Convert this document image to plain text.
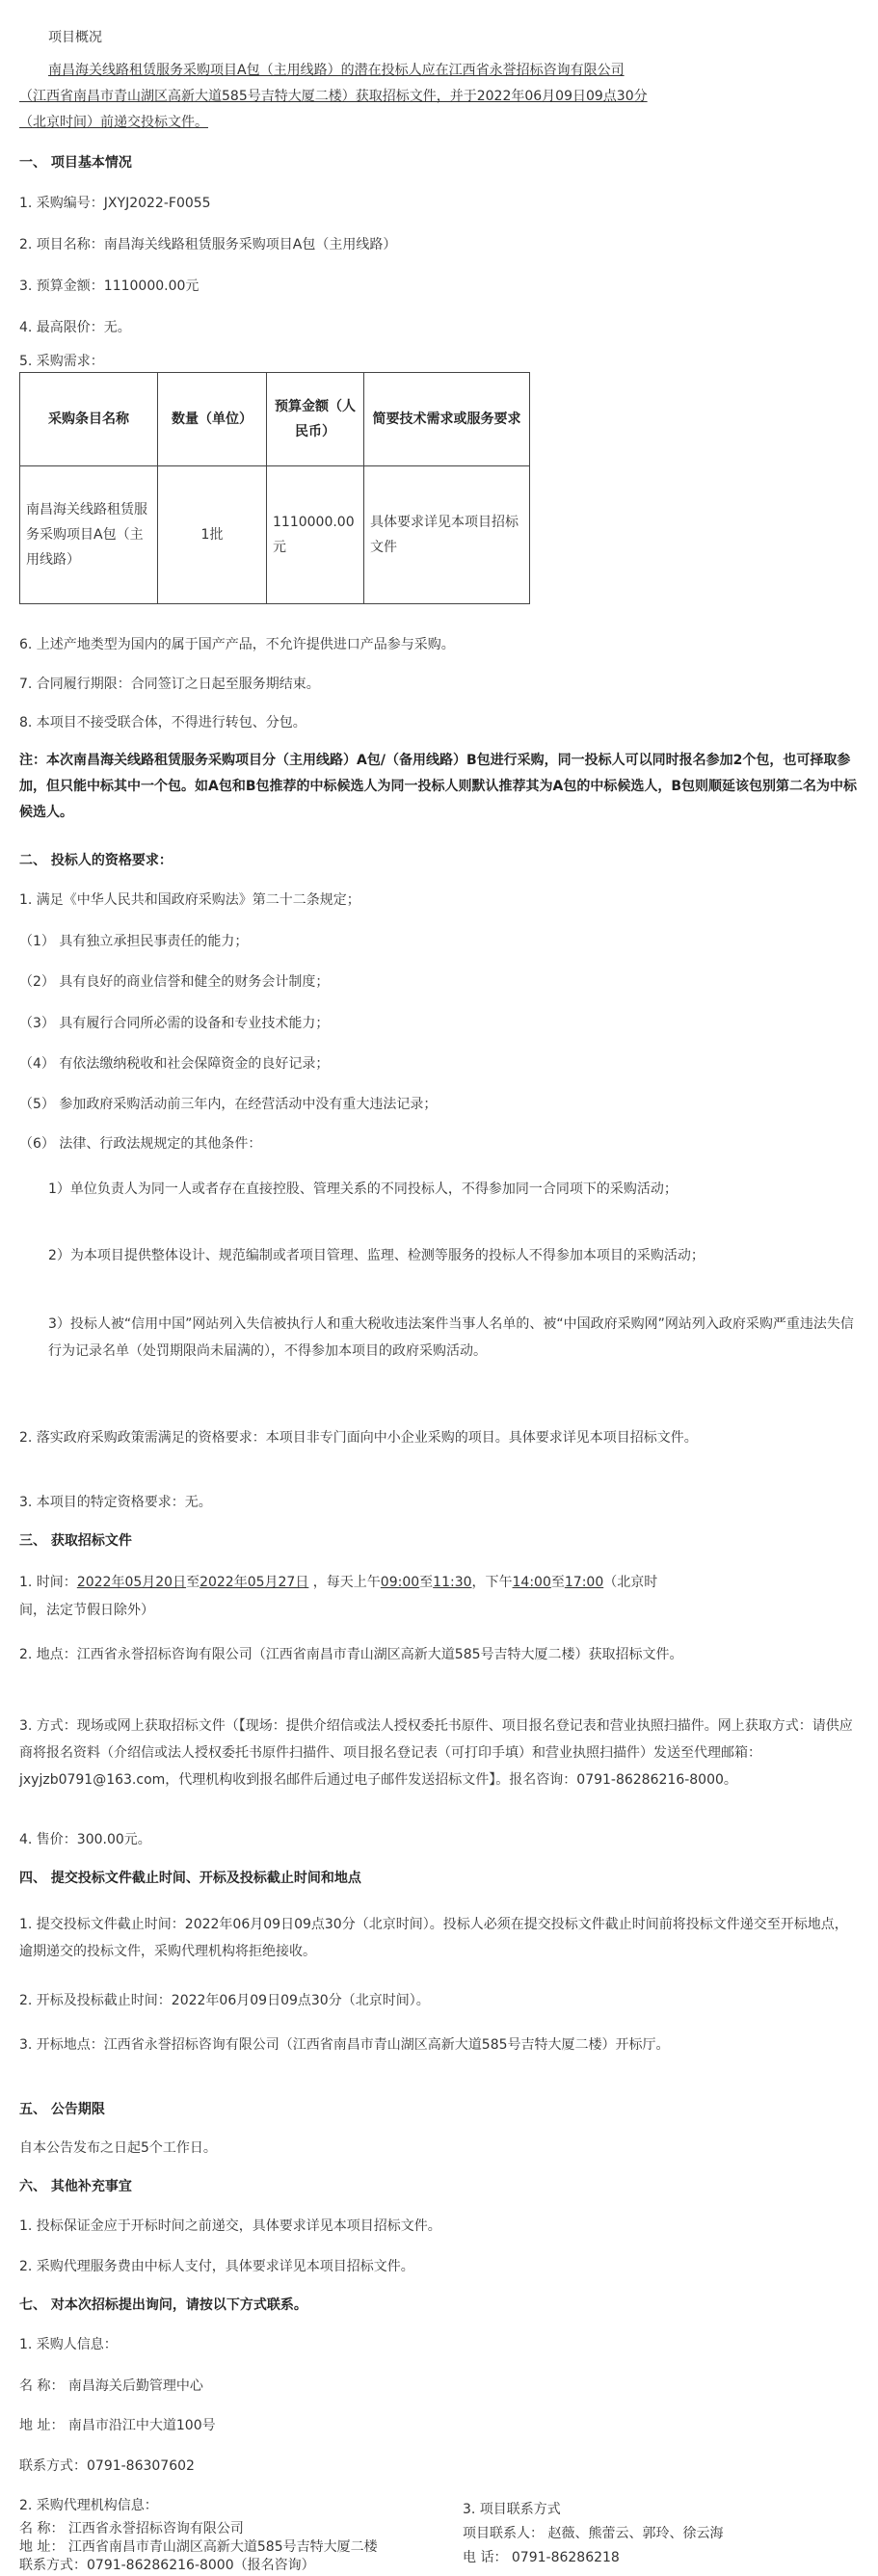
项目概况
南昌海关线路租赁服务采购项目A包（主用线路）的潜在投标人应在江西省永誉招标咨询有限公司
（江西省南昌市青山湖区高新大道585号吉特大厦二楼）获取招标文件，并于2022年06月09日09点30分
（北京时间）前递交投标文件。
一、 项目基本情况
1. 采购编号：JXYJ2022-F0055
2. 项目名称：南昌海关线路租赁服务采购项目A包（主用线路）
3. 预算金额：1110000.00元
4. 最高限价：无。
5. 采购需求：
采购条目名称	数量（单位）	预算金额（人民币）	简要技术需求或服务要求
南昌海关线路租赁服务采购项目A包（主用线路）	1批	1110000.00元	具体要求详见本项目招标文件
6. 上述产地类型为国内的属于国产产品，不允许提供进口产品参与采购。
7. 合同履行期限：合同签订之日起至服务期结束。
8. 本项目不接受联合体，不得进行转包、分包。
注：本次南昌海关线路租赁服务采购项目分（主用线路）A包/（备用线路）B包进行采购，同一投标人可以同时报名参加2个包，也可择取参加，但只能中标其中一个包。如A包和B包推荐的中标候选人为同一投标人则默认推荐其为A包的中标候选人，B包则顺延该包别第二名为中标候选人。
二、 投标人的资格要求：
1. 满足《中华人民共和国政府采购法》第二十二条规定；
（1） 具有独立承担民事责任的能力；
（2） 具有良好的商业信誉和健全的财务会计制度；
（3） 具有履行合同所必需的设备和专业技术能力；
（4） 有依法缴纳税收和社会保障资金的良好记录；
（5） 参加政府采购活动前三年内，在经营活动中没有重大违法记录；
（6） 法律、行政法规规定的其他条件：
1）单位负责人为同一人或者存在直接控股、管理关系的不同投标人，不得参加同一合同项下的采购活动；
2）为本项目提供整体设计、规范编制或者项目管理、监理、检测等服务的投标人不得参加本项目的采购活动；
3）投标人被“信用中国”网站列入失信被执行人和重大税收违法案件当事人名单的、被“中国政府采购网”网站列入政府采购严重违法失信行为记录名单（处罚期限尚未届满的），不得参加本项目的政府采购活动。
2. 落实政府采购政策需满足的资格要求：本项目非专门面向中小企业采购的项目。具体要求详见本项目招标文件。
3. 本项目的特定资格要求：无。
三、 获取招标文件
1. 时间：2022年05月20日至2022年05月27日 ，每天上午09:00至11:30，下午14:00至17:00（北京时
间，法定节假日除外）
2. 地点：江西省永誉招标咨询有限公司（江西省南昌市青山湖区高新大道585号吉特大厦二楼）获取招标文件。
3. 方式：现场或网上获取招标文件（【现场：提供介绍信或法人授权委托书原件、项目报名登记表和营业执照扫描件。网上获取方式：请供应商将报名资料（介绍信或法人授权委托书原件扫描件、项目报名登记表（可打印手填）和营业执照扫描件）发送至代理邮箱：jxyjzb0791@163.com，代理机构收到报名邮件后通过电子邮件发送招标文件】。报名咨询：0791-86286216-8000。
4. 售价：300.00元。
四、 提交投标文件截止时间、开标及投标截止时间和地点
1. 提交投标文件截止时间：2022年06月09日09点30分（北京时间）。投标人必须在提交投标文件截止时间前将投标文件递交至开标地点，逾期递交的投标文件，采购代理机构将拒绝接收。
2. 开标及投标截止时间：2022年06月09日09点30分（北京时间）。
3. 开标地点：江西省永誉招标咨询有限公司（江西省南昌市青山湖区高新大道585号吉特大厦二楼）开标厅。
五、 公告期限
自本公告发布之日起5个工作日。
六、 其他补充事宜
1. 投标保证金应于开标时间之前递交，具体要求详见本项目招标文件。
2. 采购代理服务费由中标人支付，具体要求详见本项目招标文件。
七、 对本次招标提出询问，请按以下方式联系。
1. 采购人信息：
名 称： 南昌海关后勤管理中心
地 址： 南昌市沿江中大道100号
联系方式：0791-86307602
2. 采购代理机构信息：
名 称： 江西省永誉招标咨询有限公司
地 址： 江西省南昌市青山湖区高新大道585号吉特大厦二楼
联系方式：0791-86286216-8000（报名咨询）
3. 项目联系方式
项目联系人： 赵薇、熊蕾云、郭玲、徐云海
电 话： 0791-86286218
